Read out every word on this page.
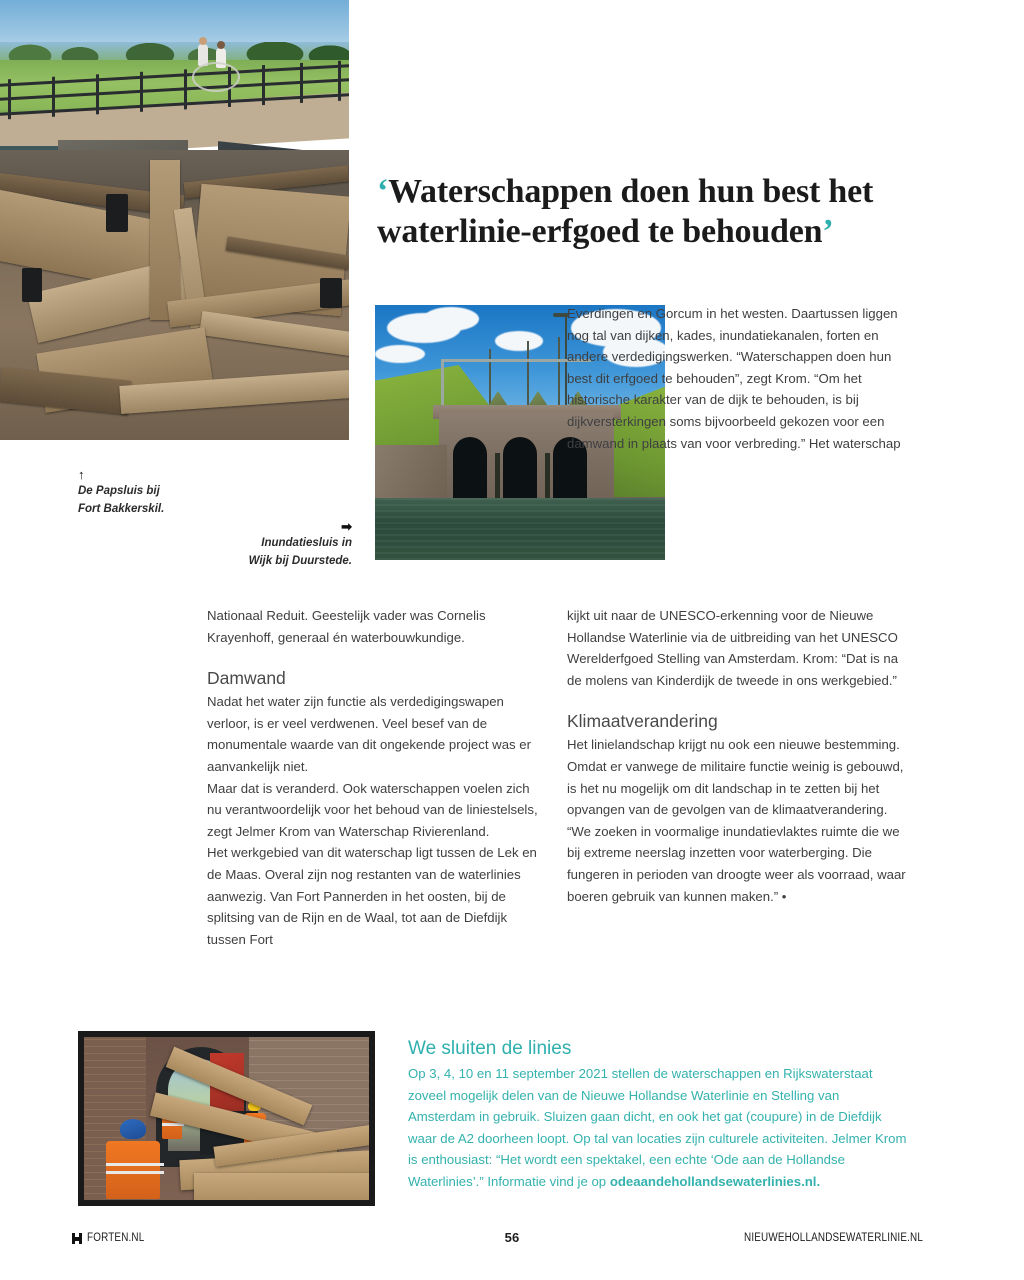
‘Waterschappen doen hun best het
waterlinie-erfgoed te behouden’
↑
De Papsluis bij
Fort Bakkerskil.
➡
Inundatiesluis in
Wijk bij Duurstede.

Everdingen en Gorcum in het westen. Daartussen liggen nog tal van dijken, kades, inundatiekanalen, forten en andere verdedigingswerken. “Waterschappen doen hun best dit erfgoed te behouden”, zegt Krom. “Om het historische karakter van de dijk te behouden, is bij dijkversterkingen soms bijvoorbeeld gekozen voor een damwand in plaats van voor verbreding.” Het waterschap

Nationaal Reduit. Geestelijk vader was Cornelis Krayenhoff, generaal én waterbouwkundige.

Damwand

Nadat het water zijn functie als verdedigingswapen verloor, is er veel verdwenen. Veel besef van de monumentale waarde van dit ongekende project was er aanvankelijk niet.

Maar dat is veranderd. Ook waterschappen voelen zich nu verantwoordelijk voor het behoud van de liniestelsels, zegt Jelmer Krom van Waterschap Rivierenland.

Het werkgebied van dit waterschap ligt tussen de Lek en de Maas. Overal zijn nog restanten van de waterlinies aanwezig. Van Fort Pannerden in het oosten, bij de splitsing van de Rijn en de Waal, tot aan de Diefdijk tussen Fort

kijkt uit naar de UNESCO-erkenning voor de Nieuwe Hollandse Waterlinie via de uitbreiding van het UNESCO Werelderfgoed Stelling van Amsterdam. Krom: “Dat is na de molens van Kinderdijk de tweede in ons werkgebied.”

Klimaatverandering

Het linielandschap krijgt nu ook een nieuwe bestemming. Omdat er vanwege de militaire functie weinig is gebouwd, is het nu mogelijk om dit landschap in te zetten bij het opvangen van de gevolgen van de klimaatverandering.

“We zoeken in voormalige inundatievlaktes ruimte die we bij extreme neerslag inzetten voor waterberging. Die fungeren in perioden van droogte weer als voorraad, waar boeren gebruik van kunnen maken.” •

We sluiten de linies
Op 3, 4, 10 en 11 september 2021 stellen de waterschappen en Rijkswaterstaat zoveel mogelijk delen van de Nieuwe Hollandse Waterlinie en Stelling van Amsterdam in gebruik. Sluizen gaan dicht, en ook het gat (coupure) in de Diefdijk waar de A2 doorheen loopt. Op tal van locaties zijn culturele activiteiten. Jelmer Krom is enthousiast: “Het wordt een spektakel, een echte ‘Ode aan de Hollandse Waterlinies’.” Informatie vind je op odeaandehollandsewaterlinies.nl.
FORTEN.NL	56	NIEUWEHOLLANDSEWATERLINIE.NL
